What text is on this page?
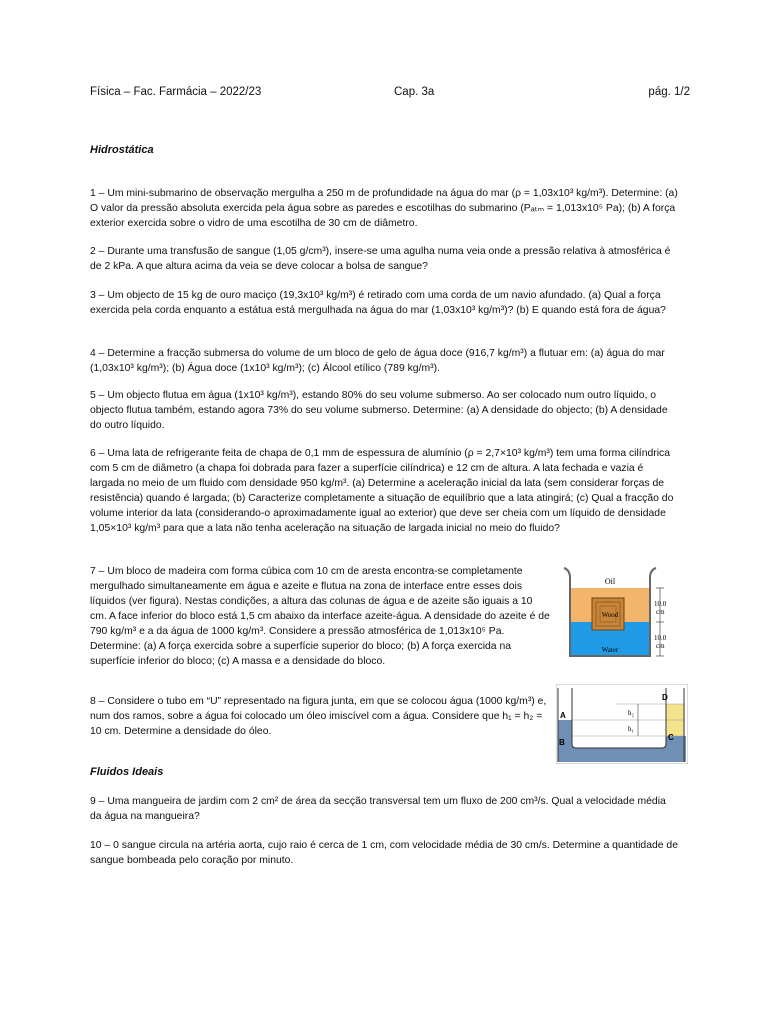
Física – Fac. Farmácia – 2022/23	Cap. 3a	pág. 1/2
Hidrostática

1 – Um mini-submarino de observação mergulha a 250 m de profundidade na água do mar (ρ = 1,03x10³ kg/m³). Determine: (a) O valor da pressão absoluta exercida pela água sobre as paredes e escotilhas do submarino (Pₐₜₘ = 1,013x10⁵ Pa); (b) A força exterior exercida sobre o vidro de uma escotilha de 30 cm de diâmetro.

2 – Durante uma transfusão de sangue (1,05 g/cm³), insere-se uma agulha numa veia onde a pressão relativa à atmosférica é de 2 kPa. A que altura acima da veia se deve colocar a bolsa de sangue?

3 – Um objecto de 15 kg de ouro maciço (19,3x10³ kg/m³) é retirado com uma corda de um navio afundado. (a) Qual a força exercida pela corda enquanto a estátua está mergulhada na água do mar (1,03x10³ kg/m³)? (b) E quando está fora de água?

4 – Determine a fracção submersa do volume de um bloco de gelo de água doce (916,7 kg/m³) a flutuar em: (a) água do mar (1,03x10³ kg/m³); (b) Água doce (1x10³ kg/m³); (c) Álcool etílico (789 kg/m³).

5 – Um objecto flutua em água (1x10³ kg/m³), estando 80% do seu volume submerso. Ao ser colocado num outro líquido, o objecto flutua também, estando agora 73% do seu volume submerso. Determine: (a) A densidade do objecto; (b) A densidade do outro líquido.

6 – Uma lata de refrigerante feita de chapa de 0,1 mm de espessura de alumínio (ρ = 2,7×10³ kg/m³) tem uma forma cilíndrica com 5 cm de diâmetro (a chapa foi dobrada para fazer a superfície cilíndrica) e 12 cm de altura. A lata fechada e vazia é largada no meio de um fluido com densidade 950 kg/m³. (a) Determine a aceleração inicial da lata (sem considerar forças de resistência) quando é largada; (b) Caracterize completamente a situação de equilíbrio que a lata atingirá; (c) Qual a fracção do volume interior da lata (considerando-o aproximadamente igual ao exterior) que deve ser cheia com um líquido de densidade 1,05×10³ kg/m³ para que a lata não tenha aceleração na situação de largada inicial no meio do fluido?

7 – Um bloco de madeira com forma cúbica com 10 cm de aresta encontra-se completamente mergulhado simultaneamente em água e azeite e flutua na zona de interface entre esses dois líquidos (ver figura). Nestas condições, a altura das colunas de água e de azeite são iguais a 10 cm. A face inferior do bloco está 1,5 cm abaixo da interface azeite-água. A densidade do azeite é de 790 kg/m³ e a da água de 1000 kg/m³. Considere a pressão atmosférica de 1,013x10⁵ Pa. Determine: (a) A força exercida sobre a superfície superior do bloco; (b) A força exercida na superfície inferior do bloco; (c) A massa e a densidade do bloco.

Wood
Oil
Water
10.0
cm
10.0
cm

8 – Considere o tubo em “U” representado na figura junta, em que se colocou água (1000 kg/m³) e, num dos ramos, sobre a água foi colocado um óleo imiscível com a água. Considere que h₁ = h₂ = 10 cm. Determine a densidade do óleo.

h₂
h₁
A
B
C
D
Fluidos Ideais

9 – Uma mangueira de jardim com 2 cm² de área da secção transversal tem um fluxo de 200 cm³/s. Qual a velocidade média da água na mangueira?

10 – 0 sangue circula na artéria aorta, cujo raio é cerca de 1 cm, com velocidade média de 30 cm/s. Determine a quantidade de sangue bombeada pelo coração por minuto.
